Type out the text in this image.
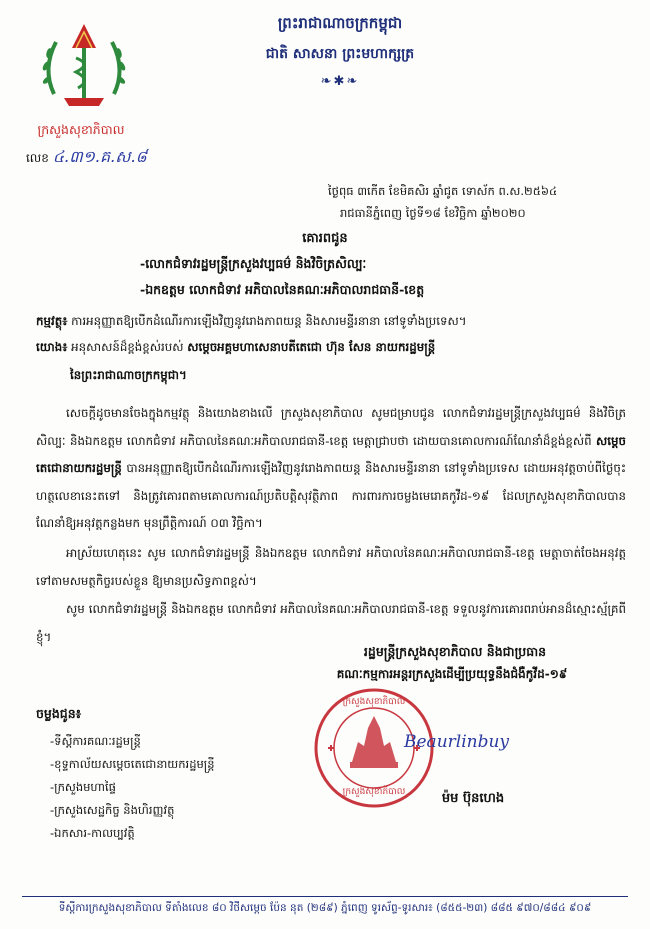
ព្រះរាជាណាចក្រកម្ពុជា
ជាតិ សាសនា ព្រះមហាក្សត្រ
❧✱❧
ក្រសួងសុខាភិបាល
លេខ ៤.៣១.គ.ស.៨
ថ្ងៃពុធ ៣កើត ខែមិគសិរ ឆ្នាំជូត ទោស័ក ព.ស.២៥៦៤
រាជធានីភ្នំពេញ ថ្ងៃទី១៨ ខែវិច្ឆិកា ឆ្នាំ២០២០
គោរពជូន
-លោកជំទាវរដ្ឋមន្ត្រីក្រសួងវប្បធម៌ និងវិចិត្រសិល្បៈ
-ឯកឧត្តម លោកជំទាវ អភិបាលនៃគណៈអភិបាលរាជធានី-ខេត្ត
កម្មវត្ថុ៖ ការអនុញ្ញាតឱ្យបើកដំណើរការឡើងវិញនូវរោងភាពយន្ត និងសារមន្ទីរនានា នៅទូទាំងប្រទេស។
យោង៖ អនុសាសន៍ដ៏ខ្ពង់ខ្ពស់របស់ សម្តេចអគ្គមហាសេនាបតីតេជោ ហ៊ុន សែន នាយករដ្ឋមន្ត្រី
នៃព្រះរាជាណាចក្រកម្ពុជា។
សេចក្តីដូចមានចែងក្នុងកម្មវត្ថុ និងយោងខាងលើ ក្រសួងសុខាភិបាល សូមជម្រាបជូន លោកជំទាវរដ្ឋមន្ត្រីក្រសួងវប្បធម៌ និងវិចិត្រសិល្បៈ និងឯកឧត្តម លោកជំទាវ អភិបាលនៃគណៈអភិបាលរាជធានី-ខេត្ត មេត្តាជ្រាបថា ដោយបានគោលការណ៍ណែនាំដ៏ខ្ពង់ខ្ពស់ពី សម្តេចតេជោនាយករដ្ឋមន្ត្រី បានអនុញ្ញាតឱ្យបើកដំណើរការឡើងវិញនូវរោងភាពយន្ត និងសារមន្ទីរនានា នៅទូទាំងប្រទេស ដោយអនុវត្តចាប់ពីថ្ងៃចុះហត្ថលេខានេះតទៅ និងត្រូវគោរពតាមគោលការណ៍ប្រតិបត្តិសុវត្ថិភាព ការពារការចម្លងមេរោគកូវីដ-១៩ ដែលក្រសួងសុខាភិបាលបានណែនាំឱ្យអនុវត្តកន្លងមក មុនព្រឹត្តិការណ៍ ០៣ វិច្ឆិកា។
អាស្រ័យហេតុនេះ សូម លោកជំទាវរដ្ឋមន្ត្រី និងឯកឧត្តម លោកជំទាវ អភិបាលនៃគណៈអភិបាលរាជធានី-ខេត្ត មេត្តាចាត់ចែងអនុវត្តទៅតាមសមត្ថកិច្ចរបស់ខ្លួន ឱ្យមានប្រសិទ្ធភាពខ្ពស់។
សូម លោកជំទាវរដ្ឋមន្ត្រី និងឯកឧត្តម លោកជំទាវ អភិបាលនៃគណៈអភិបាលរាជធានី-ខេត្ត ទទួលនូវការគោរពរាប់អានដ៏ស្មោះស្ម័គ្រពីខ្ញុំ។
រដ្ឋមន្ត្រីក្រសួងសុខាភិបាល និងជាប្រធាន
គណៈកម្មការអន្តរក្រសួងដើម្បីប្រយុទ្ធនឹងជំងឺកូវីដ-១៩
ក្រសួងសុខាភិបាល
ក្រសួងសុខាភិបាល
Beaurlinbuy
ម៉ម ប៊ុនហេង
ចម្លងជូន៖
-ទីស្តីការគណៈរដ្ឋមន្ត្រី
-ខុទ្ទកាល័យសម្តេចតេជោនាយករដ្ឋមន្ត្រី
-ក្រសួងមហាផ្ទៃ
-ក្រសួងសេដ្ឋកិច្ច និងហិរញ្ញវត្ថុ
-ឯកសារ-កាលប្បវត្តិ
ទីស្តីការក្រសួងសុខាភិបាល ទីតាំងលេខ ៨០ វិថីសម្តេច ប៉ែន នុត (២៨៩) ភ្នំពេញ ទូរស័ព្ទ-ទូរសារ៖ (៨៥៥-២៣) ៨៨៥ ៩៧០/៨៨៤ ៩០៩
